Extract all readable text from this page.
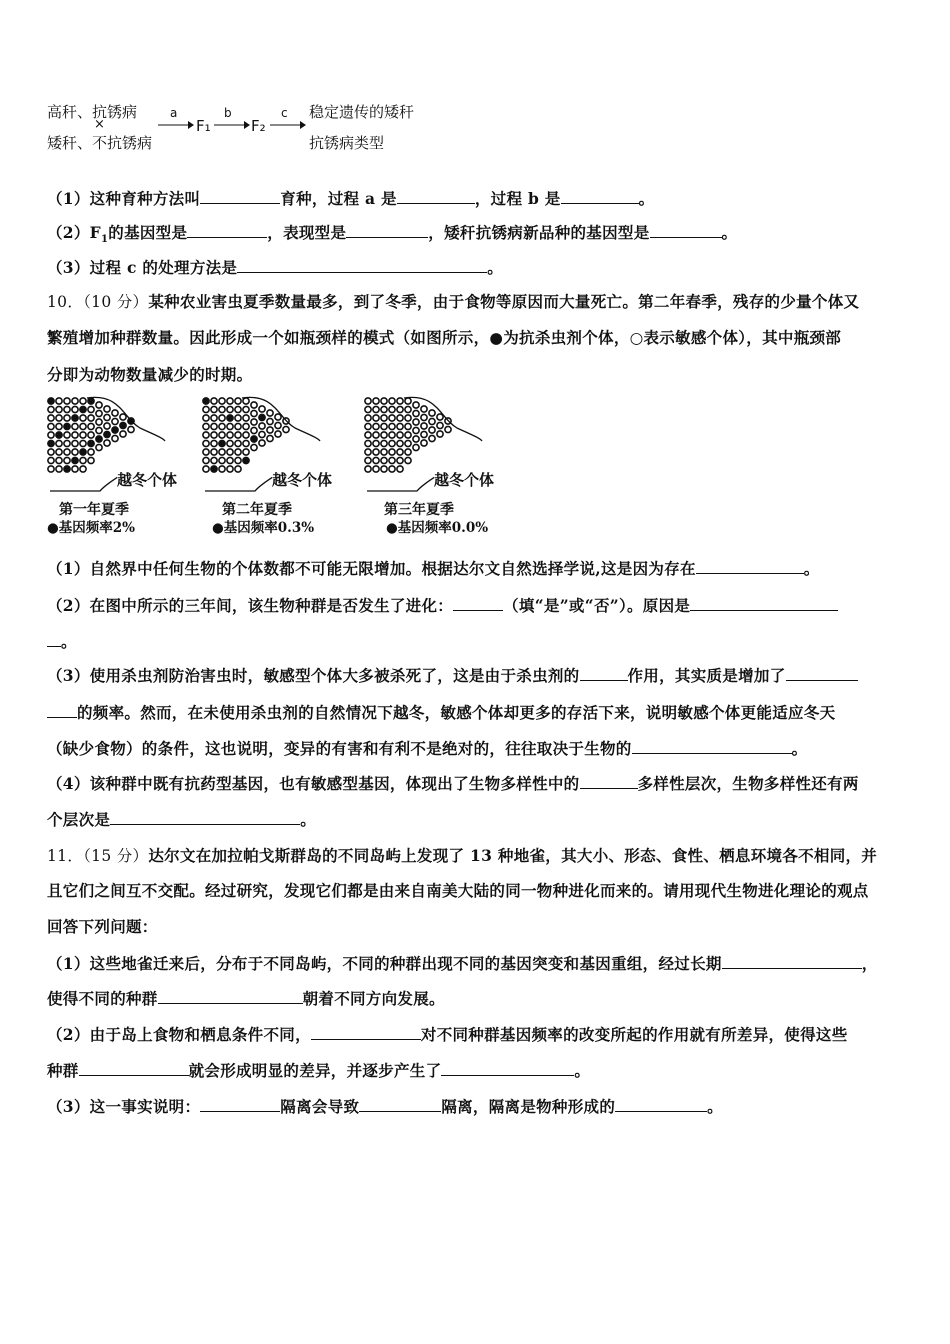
高秆、抗锈病
×
矮秆、不抗锈病
a
F₁
b
F₂
c 稳定遗传的矮秆
抗锈病类型
（1）这种育种方法叫	育种，过程 a 是	，过程 b 是	。
$(2)F_1$的基因型是	，表现型是	，矮秆抗锈病新品种的基因型是	。
（3）过程 c 的处理方法是	。
10．（10 分）某种农业害虫夏季数量最多，到了冬季，由于食物等原因而大量死亡。第二年春季，残存的少量个体又
繁殖增加种群数量。因此形成一个如瓶颈样的模式（如图所示，●为抗杀虫剂个体，○表示敏感个体），其中瓶颈部
分即为动物数量减少的时期。
越冬个体
第一年夏季
●基因频率2%
越冬个体
第二年夏季
●基因频率0.3%
越冬个体
第三年夏季
●基因频率0.0%
（1）自然界中任何生物的个体数都不可能无限增加。根据达尔文自然选择学说,这是因为存在	。
（2）在图中所示的三年间，该生物种群是否发生了进化：	（填“是”或“否”）。原因是
。
（3）使用杀虫剂防治害虫时，敏感型个体大多被杀死了，这是由于杀虫剂的	作用，其实质是增加了
的频率。然而，在未使用杀虫剂的自然情况下越冬，敏感个体却更多的存活下来，说明敏感个体更能适应冬天
（缺少食物）的条件，这也说明，变异的有害和有利不是绝对的，往往取决于生物的	。
（4）该种群中既有抗药型基因，也有敏感型基因，体现出了生物多样性中的	多样性层次，生物多样性还有两
个层次是	。
11．（15 分）达尔文在加拉帕戈斯群岛的不同岛屿上发现了 13 种地雀，其大小、形态、食性、栖息环境各不相同，并
且它们之间互不交配。经过研究，发现它们都是由来自南美大陆的同一物种进化而来的。请用现代生物进化理论的观点
回答下列问题：
（1）这些地雀迁来后，分布于不同岛屿，不同的种群出现不同的基因突变和基因重组，经过长期	，
使得不同的种群	朝着不同方向发展。
（2）由于岛上食物和栖息条件不同，	对不同种群基因频率的改变所起的作用就有所差异，使得这些
种群	就会形成明显的差异，并逐步产生了	。
（3）这一事实说明：	隔离会导致	隔离，隔离是物种形成的	。
